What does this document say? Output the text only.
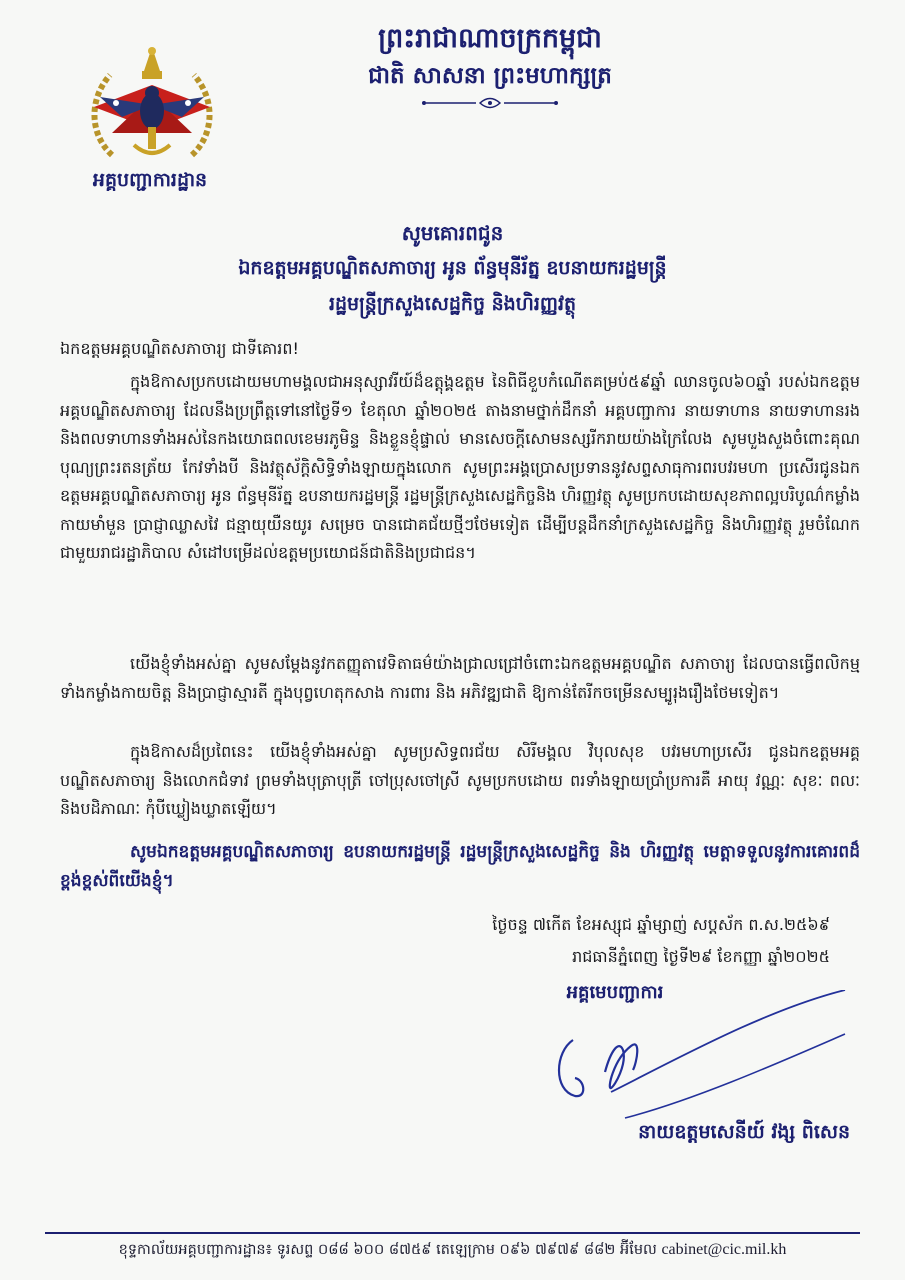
អគ្គបញ្ជាការដ្ឋាន
ព្រះរាជាណាចក្រកម្ពុជា
ជាតិ សាសនា ព្រះមហាក្សត្រ
សូមគោរពជូន
ឯកឧត្តមអគ្គបណ្ឌិតសភាចារ្យ អូន ព័ន្ធមុនីរ័ត្ន ឧបនាយករដ្ឋមន្ត្រី
រដ្ឋមន្ត្រីក្រសួងសេដ្ឋកិច្ច និងហិរញ្ញវត្ថុ
ឯកឧត្តមអគ្គបណ្ឌិតសភាចារ្យ ជាទីគោរព!
ក្នុងឱកាសប្រកបដោយមហាមង្គលជាអនុស្សាវរីយ៍ដ៏ឧត្តុង្គឧត្តម នៃពិធីខួបកំណើតគម្រប់៥៩ឆ្នាំ ឈានចូល៦០ឆ្នាំ របស់ឯកឧត្តមអគ្គបណ្ឌិតសភាចារ្យ ដែលនឹងប្រព្រឹត្តទៅនៅថ្ងៃទី១ ខែតុលា ឆ្នាំ២០២៥ តាងនាមថ្នាក់ដឹកនាំ អគ្គបញ្ជាការ នាយទាហាន នាយទាហានរង និងពលទាហានទាំងអស់នៃកងយោធពលខេមរភូមិន្ទ និងខ្លួនខ្ញុំផ្ទាល់ មានសេចក្តីសោមនស្សរីករាយយ៉ាងក្រៃលែង សូមបួងសួងចំពោះគុណបុណ្យព្រះរតនត្រ័យ កែវទាំងបី និងវត្ថុស័ក្តិសិទ្ធិទាំងឡាយក្នុងលោក សូមព្រះអង្គប្រោសប្រទាននូវសព្ទសាធុការពរបវរមហា ប្រសើរជូនឯកឧត្តមអគ្គបណ្ឌិតសភាចារ្យ អូន ព័ន្ធមុនីរ័ត្ន ឧបនាយករដ្ឋមន្ត្រី រដ្ឋមន្ត្រីក្រសួងសេដ្ឋកិច្ចនិង ហិរញ្ញវត្ថុ សូមប្រកបដោយសុខភាពល្អបរិបូណ៌កម្លាំងកាយមាំមួន ប្រាជ្ញាឈ្លាសវៃ ជន្មាយុយឺនយូរ សម្រេច បានជោគជ័យថ្មីៗថែមទៀត ដើម្បីបន្តដឹកនាំក្រសួងសេដ្ឋកិច្ច និងហិរញ្ញវត្ថុ រួមចំណែកជាមួយរាជរដ្ឋាភិបាល សំដៅបម្រើដល់ឧត្តមប្រយោជន៍ជាតិនិងប្រជាជន។
យើងខ្ញុំទាំងអស់គ្នា សូមសម្តែងនូវកតញ្ញុតាវេទិតាធម៌យ៉ាងជ្រាលជ្រៅចំពោះឯកឧត្តមអគ្គបណ្ឌិត សភាចារ្យ ដែលបានធ្វើពលិកម្មទាំងកម្លាំងកាយចិត្ត និងប្រាជ្ញាស្មារតី ក្នុងបុព្វហេតុកសាង ការពារ និង អភិវឌ្ឍជាតិ ឱ្យកាន់តែរីកចម្រើនសម្បូរុងរឿងថែមទៀត។
ក្នុងឱកាសដ៏ប្រពៃនេះ យើងខ្ញុំទាំងអស់គ្នា សូមប្រសិទ្ធពរជ័យ សិរីមង្គល វិបុលសុខ បវរមហាប្រសើរ ជូនឯកឧត្តមអគ្គបណ្ឌិតសភាចារ្យ និងលោកជំទាវ ព្រមទាំងបុត្រាបុត្រី ចៅប្រុសចៅស្រី សូមប្រកបដោយ ពរទាំងឡាយប្រាំប្រការគឺ អាយុ វណ្ណៈ សុខៈ ពលៈ និងបដិភាណៈ កុំបីឃ្លៀងឃ្លាតឡើយ។
សូមឯកឧត្តមអគ្គបណ្ឌិតសភាចារ្យ ឧបនាយករដ្ឋមន្ត្រី រដ្ឋមន្ត្រីក្រសួងសេដ្ឋកិច្ច និង ហិរញ្ញវត្ថុ មេត្តាទទួលនូវការគោរពដ៏ខ្ពង់ខ្ពស់ពីយើងខ្ញុំ។
ថ្ងៃចន្ទ ៧កើត ខែអស្សុជ ឆ្នាំម្សាញ់ សប្តស័ក ព.ស.២៥៦៩
រាជធានីភ្នំពេញ ថ្ងៃទី២៩ ខែកញ្ញា ឆ្នាំ២០២៥
អគ្គមេបញ្ជាការ
នាយឧត្តមសេនីយ៍ វង្ស ពិសេន
ខុទ្ទកាល័យអគ្គបញ្ជាការដ្ឋាន៖ ទូរសព្ទ ០៨៨ ៦០០ ៨៧៥៩ តេឡេក្រាម ០៩៦ ៧៩៧៩ ៨៨២ អ៊ីមែល cabinet@cic.mil.kh
